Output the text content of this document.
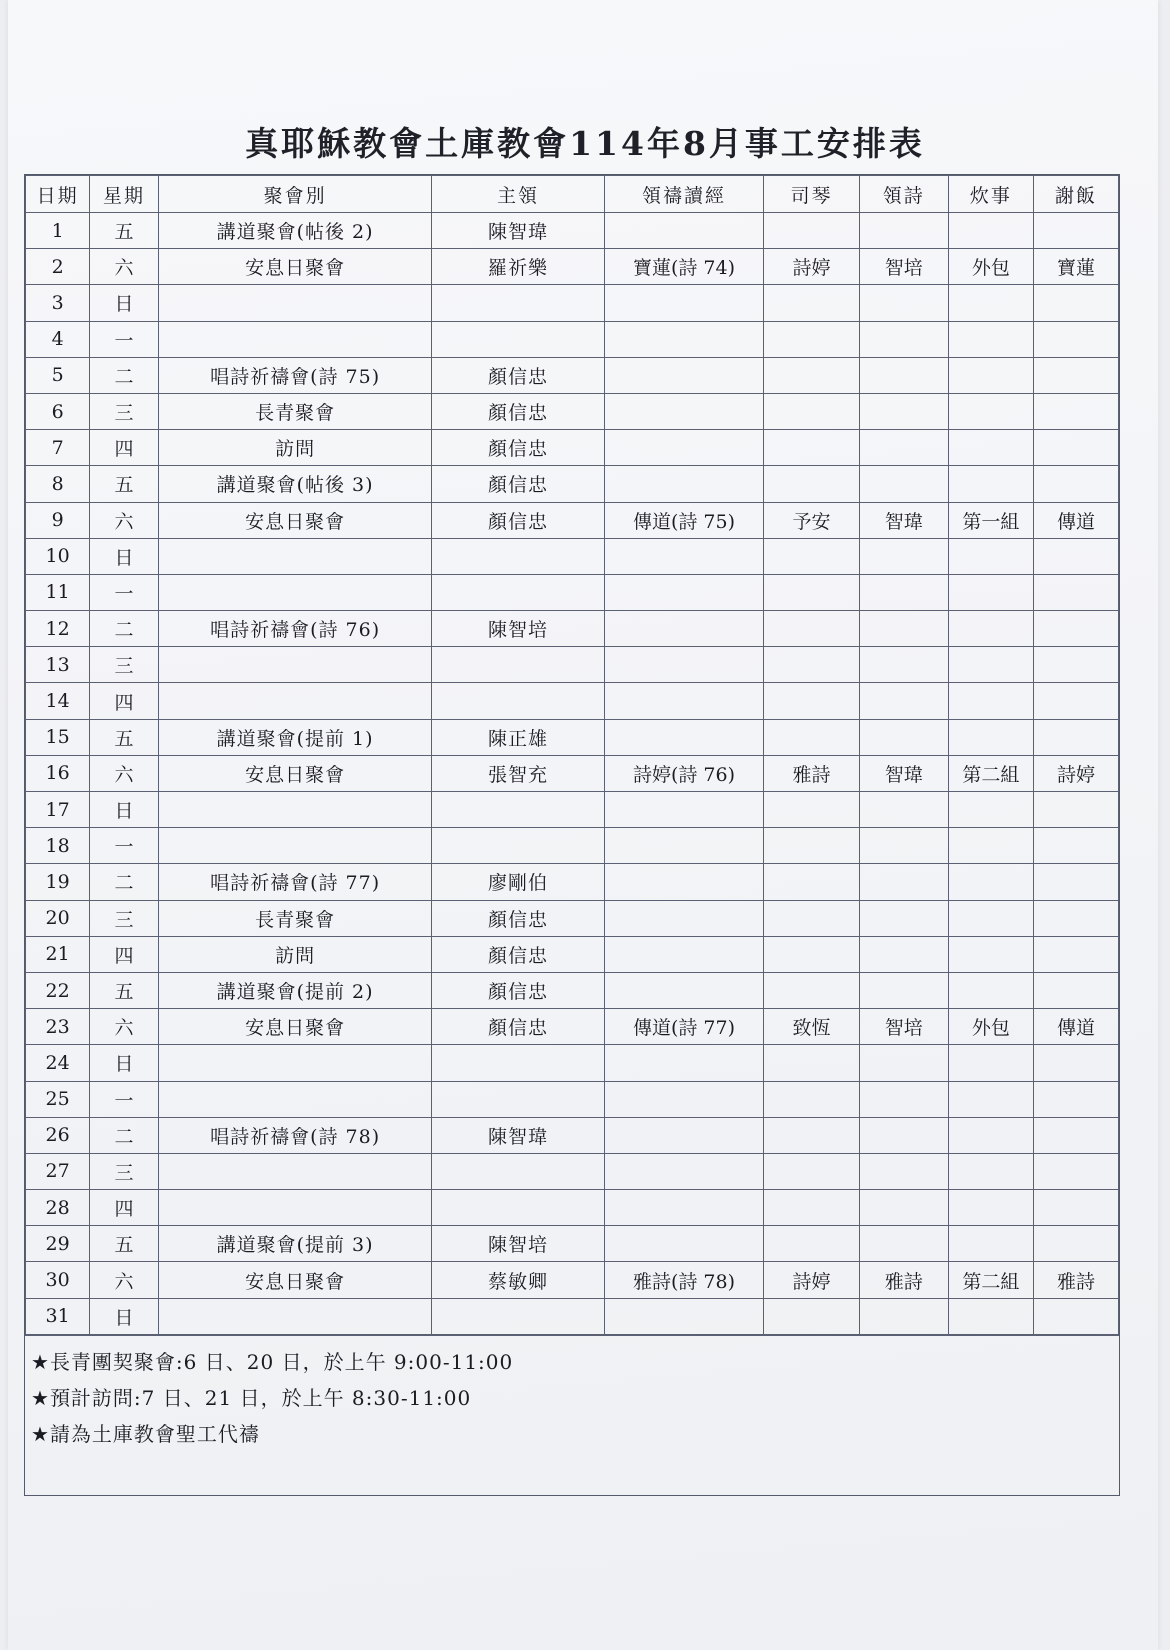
真耶穌教會土庫教會114年8月事工安排表
日期	星期	聚會別	主領	領禱讀經	司琴	領詩	炊事	謝飯
1	五	講道聚會(帖後 2)	陳智瑋					
2	六	安息日聚會	羅祈樂	寶蓮(詩 74)	詩婷	智培	外包	寶蓮
3	日							
4	一							
5	二	唱詩祈禱會(詩 75)	顏信忠					
6	三	長青聚會	顏信忠					
7	四	訪問	顏信忠					
8	五	講道聚會(帖後 3)	顏信忠					
9	六	安息日聚會	顏信忠	傳道(詩 75)	予安	智瑋	第一組	傳道
10	日							
11	一							
12	二	唱詩祈禱會(詩 76)	陳智培					
13	三							
14	四							
15	五	講道聚會(提前 1)	陳正雄					
16	六	安息日聚會	張智充	詩婷(詩 76)	雅詩	智瑋	第二組	詩婷
17	日							
18	一							
19	二	唱詩祈禱會(詩 77)	廖剛伯					
20	三	長青聚會	顏信忠					
21	四	訪問	顏信忠					
22	五	講道聚會(提前 2)	顏信忠					
23	六	安息日聚會	顏信忠	傳道(詩 77)	致恆	智培	外包	傳道
24	日							
25	一							
26	二	唱詩祈禱會(詩 78)	陳智瑋					
27	三							
28	四							
29	五	講道聚會(提前 3)	陳智培					
30	六	安息日聚會	蔡敏卿	雅詩(詩 78)	詩婷	雅詩	第二組	雅詩
31	日							
★長青團契聚會:6 日、20 日，於上午 9:00-11:00
★預計訪問:7 日、21 日，於上午 8:30-11:00
★請為土庫教會聖工代禱
